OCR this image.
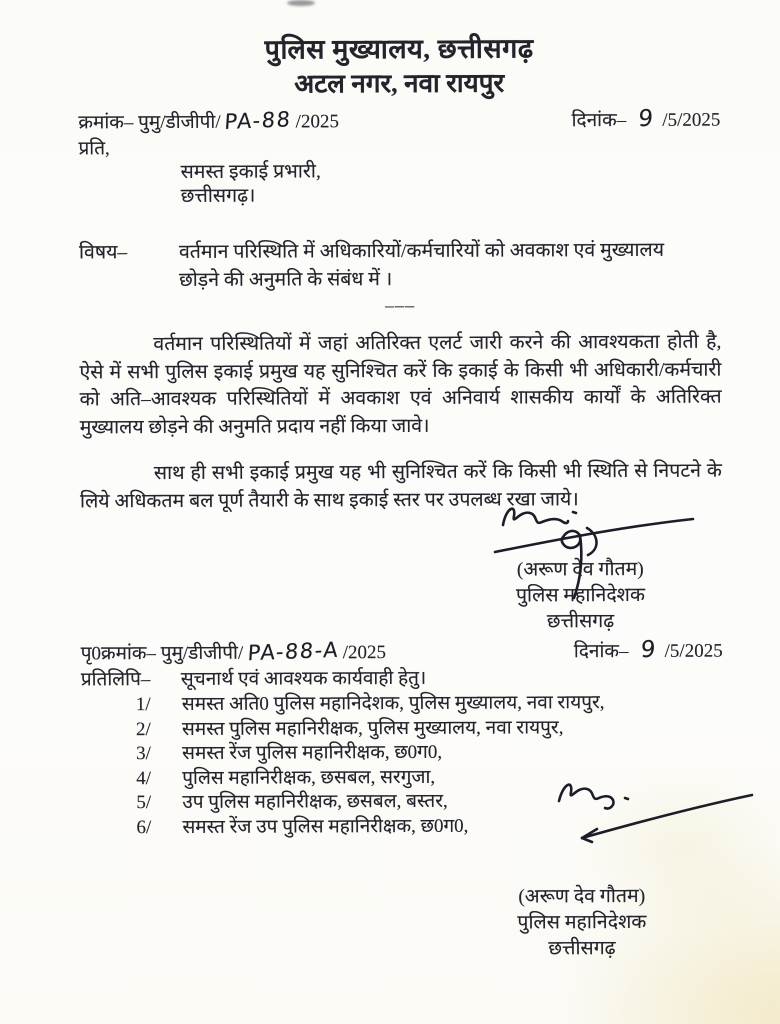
पुलिस मुख्यालय, छत्तीसगढ़
अटल नगर, नवा रायपुर
क्रमांक– पुमु/डीजीपी/ PA-88 /2025	दिनांक– 9 /5/2025
प्रति,
समस्त इकाई प्रभारी,
छत्तीसगढ़।
विषय–	वर्तमान परिस्थिति में अधिकारियों/कर्मचारियों को अवकाश एवं मुख्यालय
छोड़ने की अनुमति के संबंध में ।
–––

वर्तमान परिस्थितियों में जहां अतिरिक्त एलर्ट जारी करने की आवश्यकता होती है, ऐसे में सभी पुलिस इकाई प्रमुख यह सुनिश्चित करें कि इकाई के किसी भी अधिकारी/कर्मचारी को अति–आवश्यक परिस्थितियों में अवकाश एवं अनिवार्य शासकीय कार्यों के अतिरिक्त मुख्यालय छोड़ने की अनुमति प्रदाय नहीं किया जावे।

साथ ही सभी इकाई प्रमुख यह भी सुनिश्चित करें कि किसी भी स्थिति से निपटने के लिये अधिकतम बल पूर्ण तैयारी के साथ इकाई स्तर पर उपलब्ध रखा जाये।

(अरूण देव गौतम)
पुलिस महानिदेशक
छत्तीसगढ़
पृ0क्रमांक– पुमु/डीजीपी/ PA-88-A /2025	दिनांक– 9 /5/2025
प्रतिलिपि–	सूचनार्थ एवं आवश्यक कार्यवाही हेतु।
1/	समस्त अति0 पुलिस महानिदेशक, पुलिस मुख्यालय, नवा रायपुर,
2/	समस्त पुलिस महानिरीक्षक, पुलिस मुख्यालय, नवा रायपुर,
3/	समस्त रेंज पुलिस महानिरीक्षक, छ0ग0,
4/	पुलिस महानिरीक्षक, छसबल, सरगुजा,
5/	उप पुलिस महानिरीक्षक, छसबल, बस्तर,
6/	समस्त रेंज उप पुलिस महानिरीक्षक, छ0ग0,
(अरूण देव गौतम)
पुलिस महानिदेशक
छत्तीसगढ़
